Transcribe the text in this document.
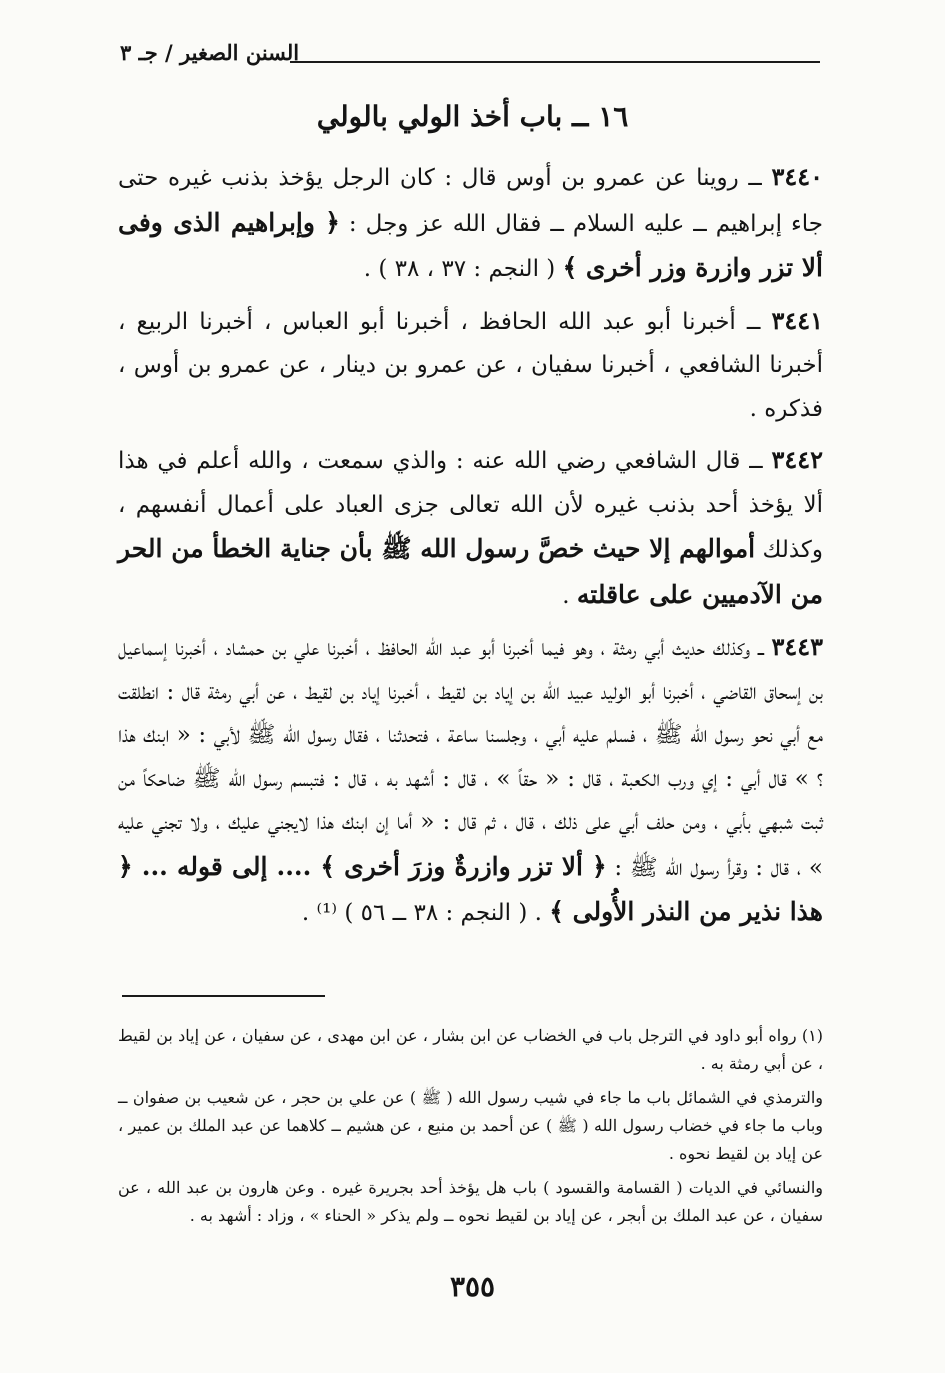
السنن الصغير / جـ ٣
١٦ ــ باب أخذ الولي بالولي

٣٤٤٠ ــ روينا عن عمرو بن أوس قال : كان الرجل يؤخذ بذنب غيره حتى جاء إبراهيم ــ عليه السلام ــ فقال الله عز وجل : ﴿ وإبراهيم الذى وفى ألا تزر وازرة وزر أخرى ﴾ ( النجم : ٣٧ ، ٣٨ ) .

٣٤٤١ ــ أخبرنا أبو عبد الله الحافظ ، أخبرنا أبو العباس ، أخبرنا الربيع ، أخبرنا الشافعي ، أخبرنا سفيان ، عن عمرو بن دينار ، عن عمرو بن أوس ، فذكره .

٣٤٤٢ ــ قال الشافعي رضي الله عنه : والذي سمعت ، والله أعلم في هذا ألا يؤخذ أحد بذنب غيره لأن الله تعالى جزى العباد على أعمال أنفسهم ، وكذلك أموالهم إلا حيث خصَّ رسول الله ﷺ بأن جناية الخطأ من الحر من الآدميين على عاقلته .

٣٤٤٣ ــ وكذلك حديث أبي رمثة ، وهو فيما أخبرنا أبو عبد الله الحافظ ، أخبرنا علي بن حمشاد ، أخبرنا إسماعيل بن إسحاق القاضي ، أخبرنا أبو الوليد عبيد الله بن إياد بن لقيط ، أخبرنا إياد بن لقيط ، عن أبي رمثة قال : انطلقت مع أبي نحو رسول الله ﷺ ، فسلم عليه أبي ، وجلسنا ساعة ، فتحدثنا ، فقال رسول الله ﷺ لأبي : « ابنك هذا ؟ » قال أبي : إي ورب الكعبة ، قال : « حقاً » ، قال : أشهد به ، قال : فتبسم رسول الله ﷺ ضاحكاً من ثبت شبهي بأبي ، ومن حلف أبي على ذلك ، قال ، ثم قال : « أما إن ابنك هذا لايجني عليك ، ولا تجني عليه » ، قال : وقرأ رسول الله ﷺ : ﴿ ألا تزر وازرةٌ وزرَ أخرى ﴾ .... إلى قوله ... ﴿ هذا نذير من النذر الأُولى ﴾ . ( النجم : ٣٨ ــ ٥٦ ) ⁽¹⁾ .

(١) رواه أبو داود في الترجل باب في الخضاب عن ابن بشار ، عن ابن مهدى ، عن سفيان ، عن إياد بن لقيط ، عن أبي رمثة به .

والترمذي في الشمائل باب ما جاء في شيب رسول الله ( ﷺ ) عن علي بن حجر ، عن شعيب بن صفوان ــ وباب ما جاء في خضاب رسول الله ( ﷺ ) عن أحمد بن منيع ، عن هشيم ــ كلاهما عن عبد الملك بن عمير ، عن إياد بن لقيط نحوه .

والنسائي في الديات ( القسامة والقسود ) باب هل يؤخذ أحد بجريرة غيره . وعن هارون بن عبد الله ، عن سفيان ، عن عبد الملك بن أبجر ، عن إياد بن لقيط نحوه ــ ولم يذكر « الحناء » ، وزاد : أشهد به .

٣٥٥
